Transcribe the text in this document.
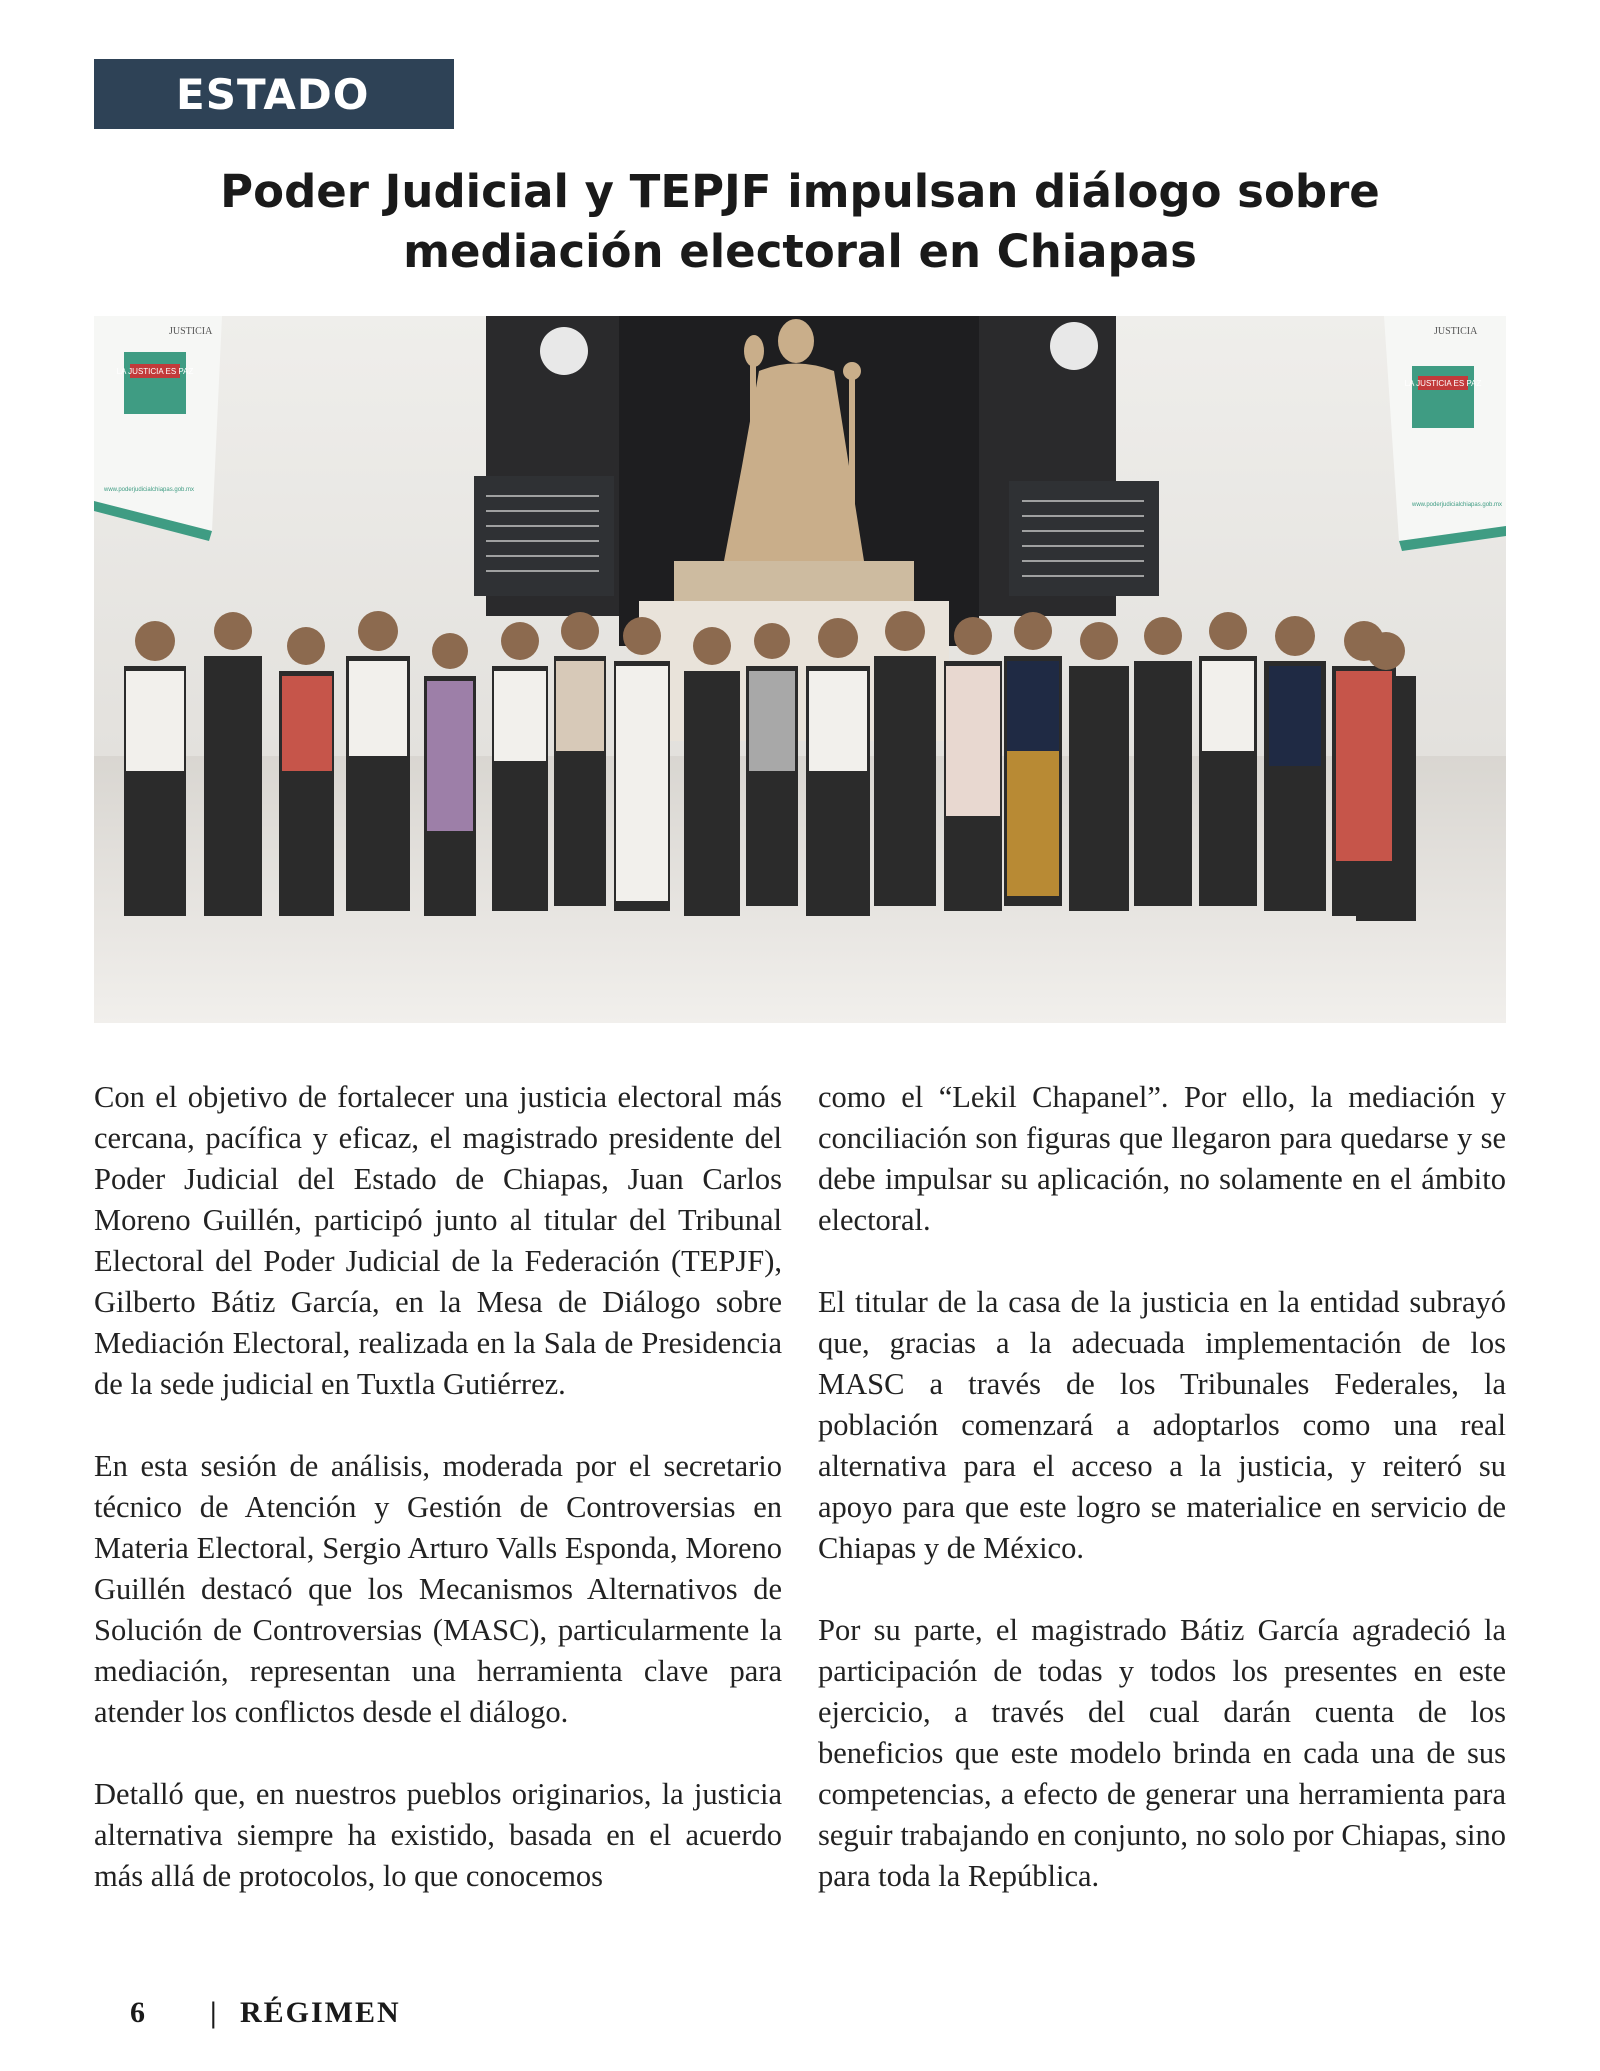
ESTADO
Poder Judicial y TEPJF impulsan diálogo sobre mediación electoral en Chiapas
LA JUSTICIA ES PAZ
JUSTICIA
www.poderjudicialchiapas.gob.mx
LA JUSTICIA ES PAZ
JUSTICIA
www.poderjudicialchiapas.gob.mx

Con el objetivo de fortalecer una justicia electoral más cercana, pacífica y eficaz, el magistrado presidente del Poder Judicial del Estado de Chiapas, Juan Carlos Moreno Guillén, participó junto al titular del Tribunal Electoral del Poder Judicial de la Federación (TEPJF), Gilberto Bátiz García, en la Mesa de Diálogo sobre Mediación Electoral, realizada en la Sala de Presidencia de la sede judicial en Tuxtla Gutiérrez.

En esta sesión de análisis, moderada por el secretario técnico de Atención y Gestión de Controversias en Materia Electoral, Sergio Arturo Valls Esponda, Moreno Guillén destacó que los Mecanismos Alternativos de Solución de Controversias (MASC), particularmente la mediación, representan una herramienta clave para atender los conflictos desde el diálogo.

Detalló que, en nuestros pueblos originarios, la justicia alternativa siempre ha existido, basada en el acuerdo más allá de protocolos, lo que conocemos

como el “Lekil Chapanel”. Por ello, la mediación y conciliación son figuras que llegaron para quedarse y se debe impulsar su aplicación, no solamente en el ámbito electoral.

El titular de la casa de la justicia en la entidad subrayó que, gracias a la adecuada implementación de los MASC a través de los Tribunales Federales, la población comenzará a adoptarlos como una real alternativa para el acceso a la justicia, y reiteró su apoyo para que este logro se materialice en servicio de Chiapas y de México.

Por su parte, el magistrado Bátiz García agradeció la participación de todas y todos los presentes en este ejercicio, a través del cual darán cuenta de los beneficios que este modelo brinda en cada una de sus competencias, a efecto de generar una herramienta para seguir trabajando en conjunto, no solo por Chiapas, sino para toda la República.

6	| RÉGIMEN
